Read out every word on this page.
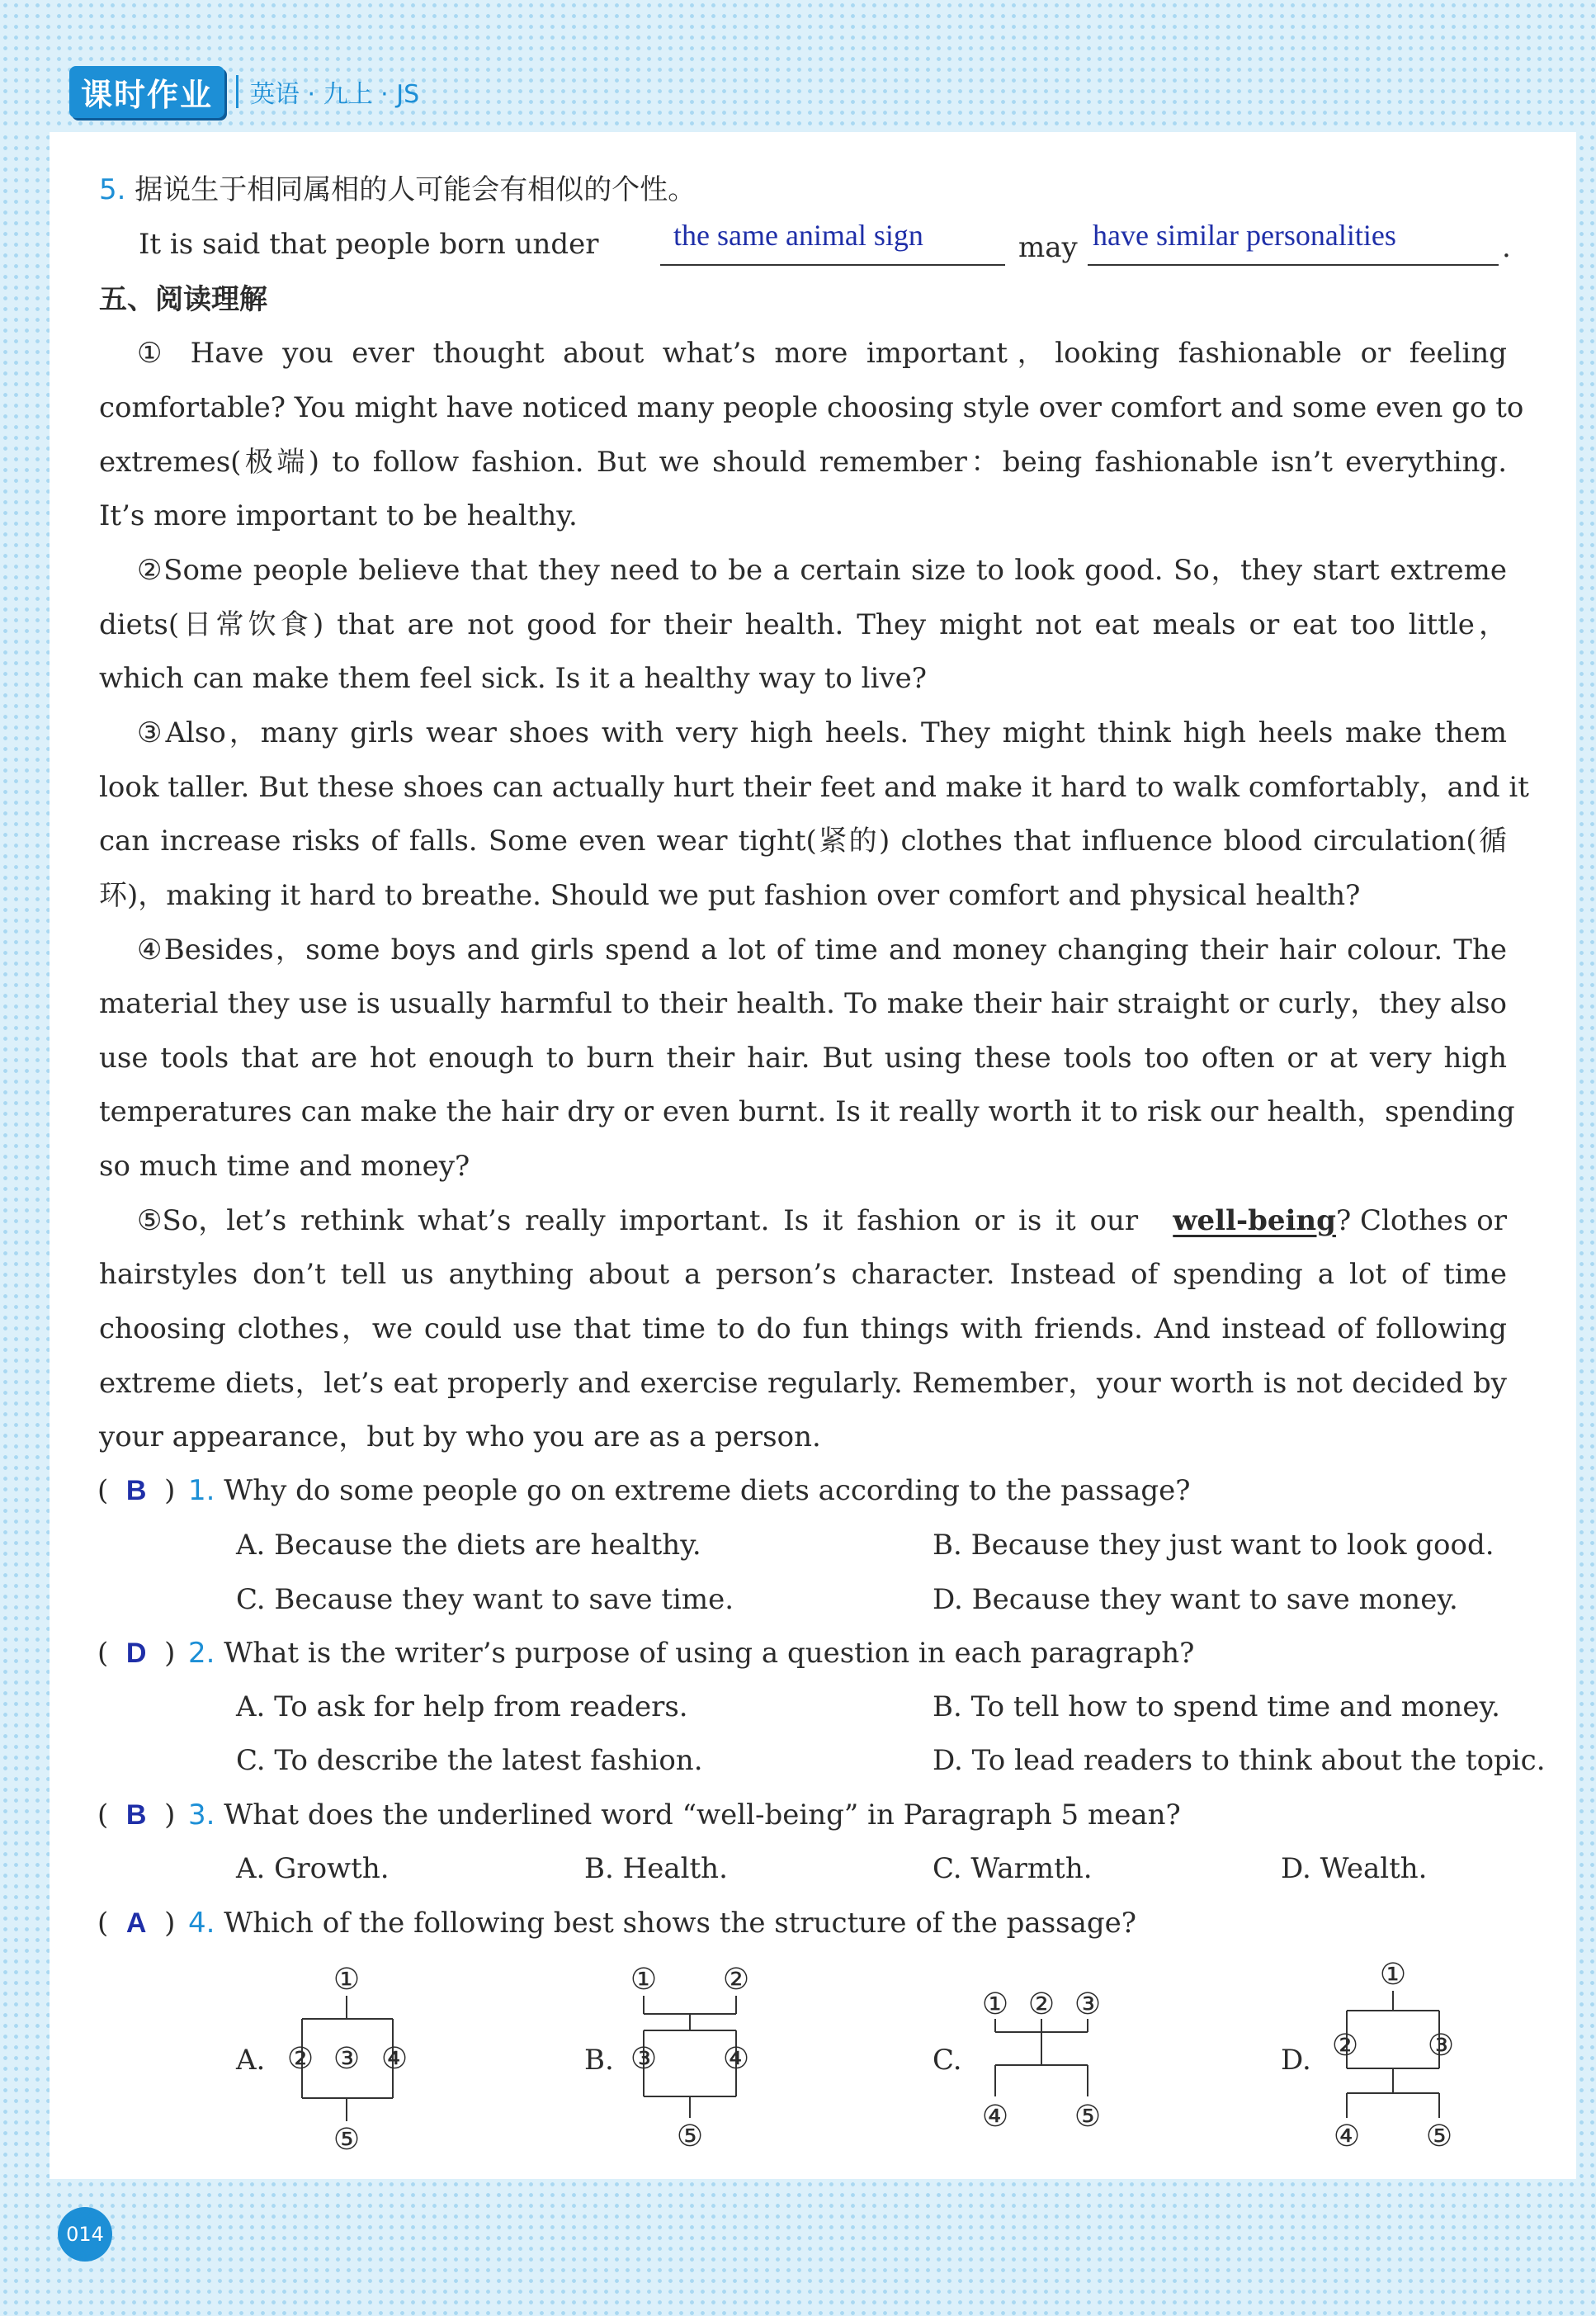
课时作业	英语 · 九上 · JS
5. 据说生于相同属相的人可能会有相似的个性。
It is said that people born under	the same animal sign	may have similar personalities	.
五、阅读理解
① Have you ever thought about what’s more important，looking fashionable or feeling
comfortable? You might have noticed many people choosing style over comfort and some even go to
extremes(极端) to follow fashion. But we should remember：being fashionable isn’t everything.
It’s more important to be healthy.
②Some people believe that they need to be a certain size to look good. So，they start extreme
diets(日常饮食) that are not good for their health. They might not eat meals or eat too little，
which can make them feel sick. Is it a healthy way to live?
③Also，many girls wear shoes with very high heels. They might think high heels make them
look taller. But these shoes can actually hurt their feet and make it hard to walk comfortably，and it
can increase risks of falls. Some even wear tight(紧的) clothes that influence blood circulation(循
环)，making it hard to breathe. Should we put fashion over comfort and physical health?
④Besides，some boys and girls spend a lot of time and money changing their hair colour. The
material they use is usually harmful to their health. To make their hair straight or curly，they also
use tools that are hot enough to burn their hair. But using these tools too often or at very high
temperatures can make the hair dry or even burnt. Is it really worth it to risk our health，spending
so much time and money?
⑤So，let’s rethink what’s really important. Is it fashion or is it our well-being? Clothes or
hairstyles don’t tell us anything about a person’s character. Instead of spending a lot of time
choosing clothes，we could use that time to do fun things with friends. And instead of following
extreme diets，let’s eat properly and exercise regularly. Remember，your worth is not decided by
your appearance，but by who you are as a person.
(  B  ) 1. Why do some people go on extreme diets according to the passage?
A. Because the diets are healthy.	B. Because they just want to look good.
C. Because they want to save time.	D. Because they want to save money.
(  D  ) 2. What is the writer’s purpose of using a question in each paragraph?
A. To ask for help from readers.	B. To tell how to spend time and money.
C. To describe the latest fashion.	D. To lead readers to think about the topic.
(  B  ) 3. What does the underlined word “well-being” in Paragraph 5 mean?
A. Growth.	B. Health.	C. Warmth.	D. Wealth.
(  A  ) 4. Which of the following best shows the structure of the passage?
A.	B.	C.	D.
①
② ③ ④
⑤
① ②
③ ④
⑤
① ② ③
④ ⑤
①
② ③
④ ⑤
014
